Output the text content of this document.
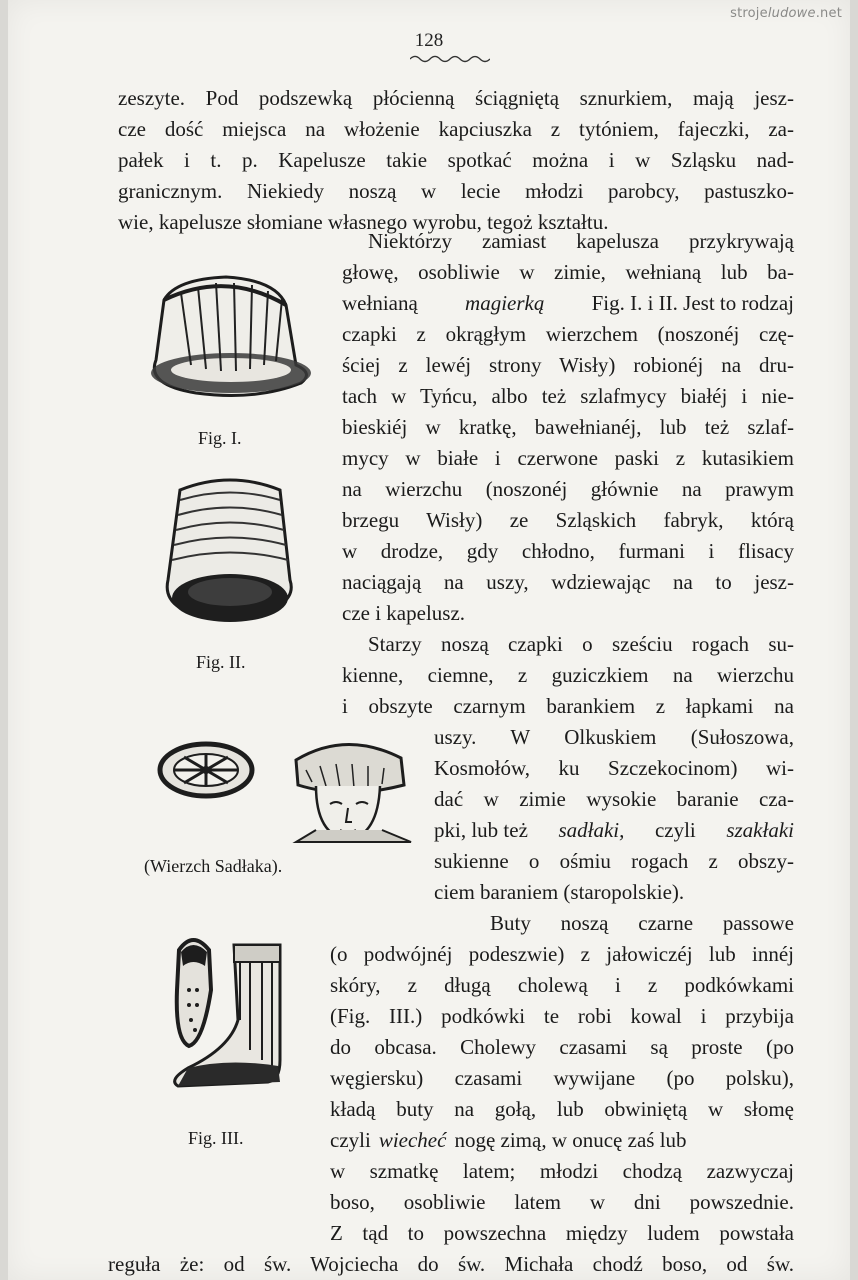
strojeludowe.net
128
zeszyte. Pod podszewką płócienną ściągniętą sznurkiem, mają jesz-
cze dość miejsca na włożenie kapciuszka z tytóniem, fajeczki, za-
pałek i t. p. Kapelusze takie spotkać można i w Szląsku nad-
granicznym. Niekiedy noszą w lecie młodzi parobcy, pastuszko-
wie, kapelusze słomiane własnego wyrobu, tegoż kształtu.
Niektórzy zamiast kapelusza przykrywają
głowę, osobliwie w zimie, wełnianą lub ba-
wełnianą magierką Fig. I. i II. Jest to rodzaj
czapki z okrągłym wierzchem (noszonéj czę-
ściej z lewéj strony Wisły) robionéj na dru-
tach w Tyńcu, albo też szlafmycy białéj i nie-
bieskiéj w kratkę, bawełnianéj, lub też szlaf-
mycy w białe i czerwone paski z kutasikiem
na wierzchu (noszonéj głównie na prawym
brzegu Wisły) ze Szląskich fabryk, którą
w drodze, gdy chłodno, furmani i flisacy
naciągają na uszy, wdziewając na to jesz-
cze i kapelusz.
Starzy noszą czapki o sześciu rogach su-
kienne, ciemne, z guziczkiem na wierzchu
i obszyte czarnym barankiem z łapkami na
uszy. W Olkuskiem (Sułoszowa,
Kosmołów, ku Szczekocinom) wi-
dać w zimie wysokie baranie cza-
pki, lub też sadłaki, czyli szakłaki
sukienne o ośmiu rogach z obszy-
ciem baraniem (staropolskie).
Buty noszą czarne passowe
(o podwójnéj podeszwie) z jałowiczéj lub innéj
skóry, z długą cholewą i z podkówkami
(Fig. III.) podkówki te robi kowal i przybija
do obcasa. Cholewy czasami są proste (po
węgiersku) czasami wywijane (po polsku),
kładą buty na gołą, lub obwiniętą w słomę
czyli wiecheć nogę zimą, w onucę zaś lub
w szmatkę latem; młodzi chodzą zazwyczaj
boso, osobliwie latem w dni powszednie.
Z tąd to powszechna między ludem powstała
reguła że: od św. Wojciecha do św. Michała chodź boso, od św.
Fig. I.
Fig. II.
(Wierzch Sadłaka).
Fig. III.
